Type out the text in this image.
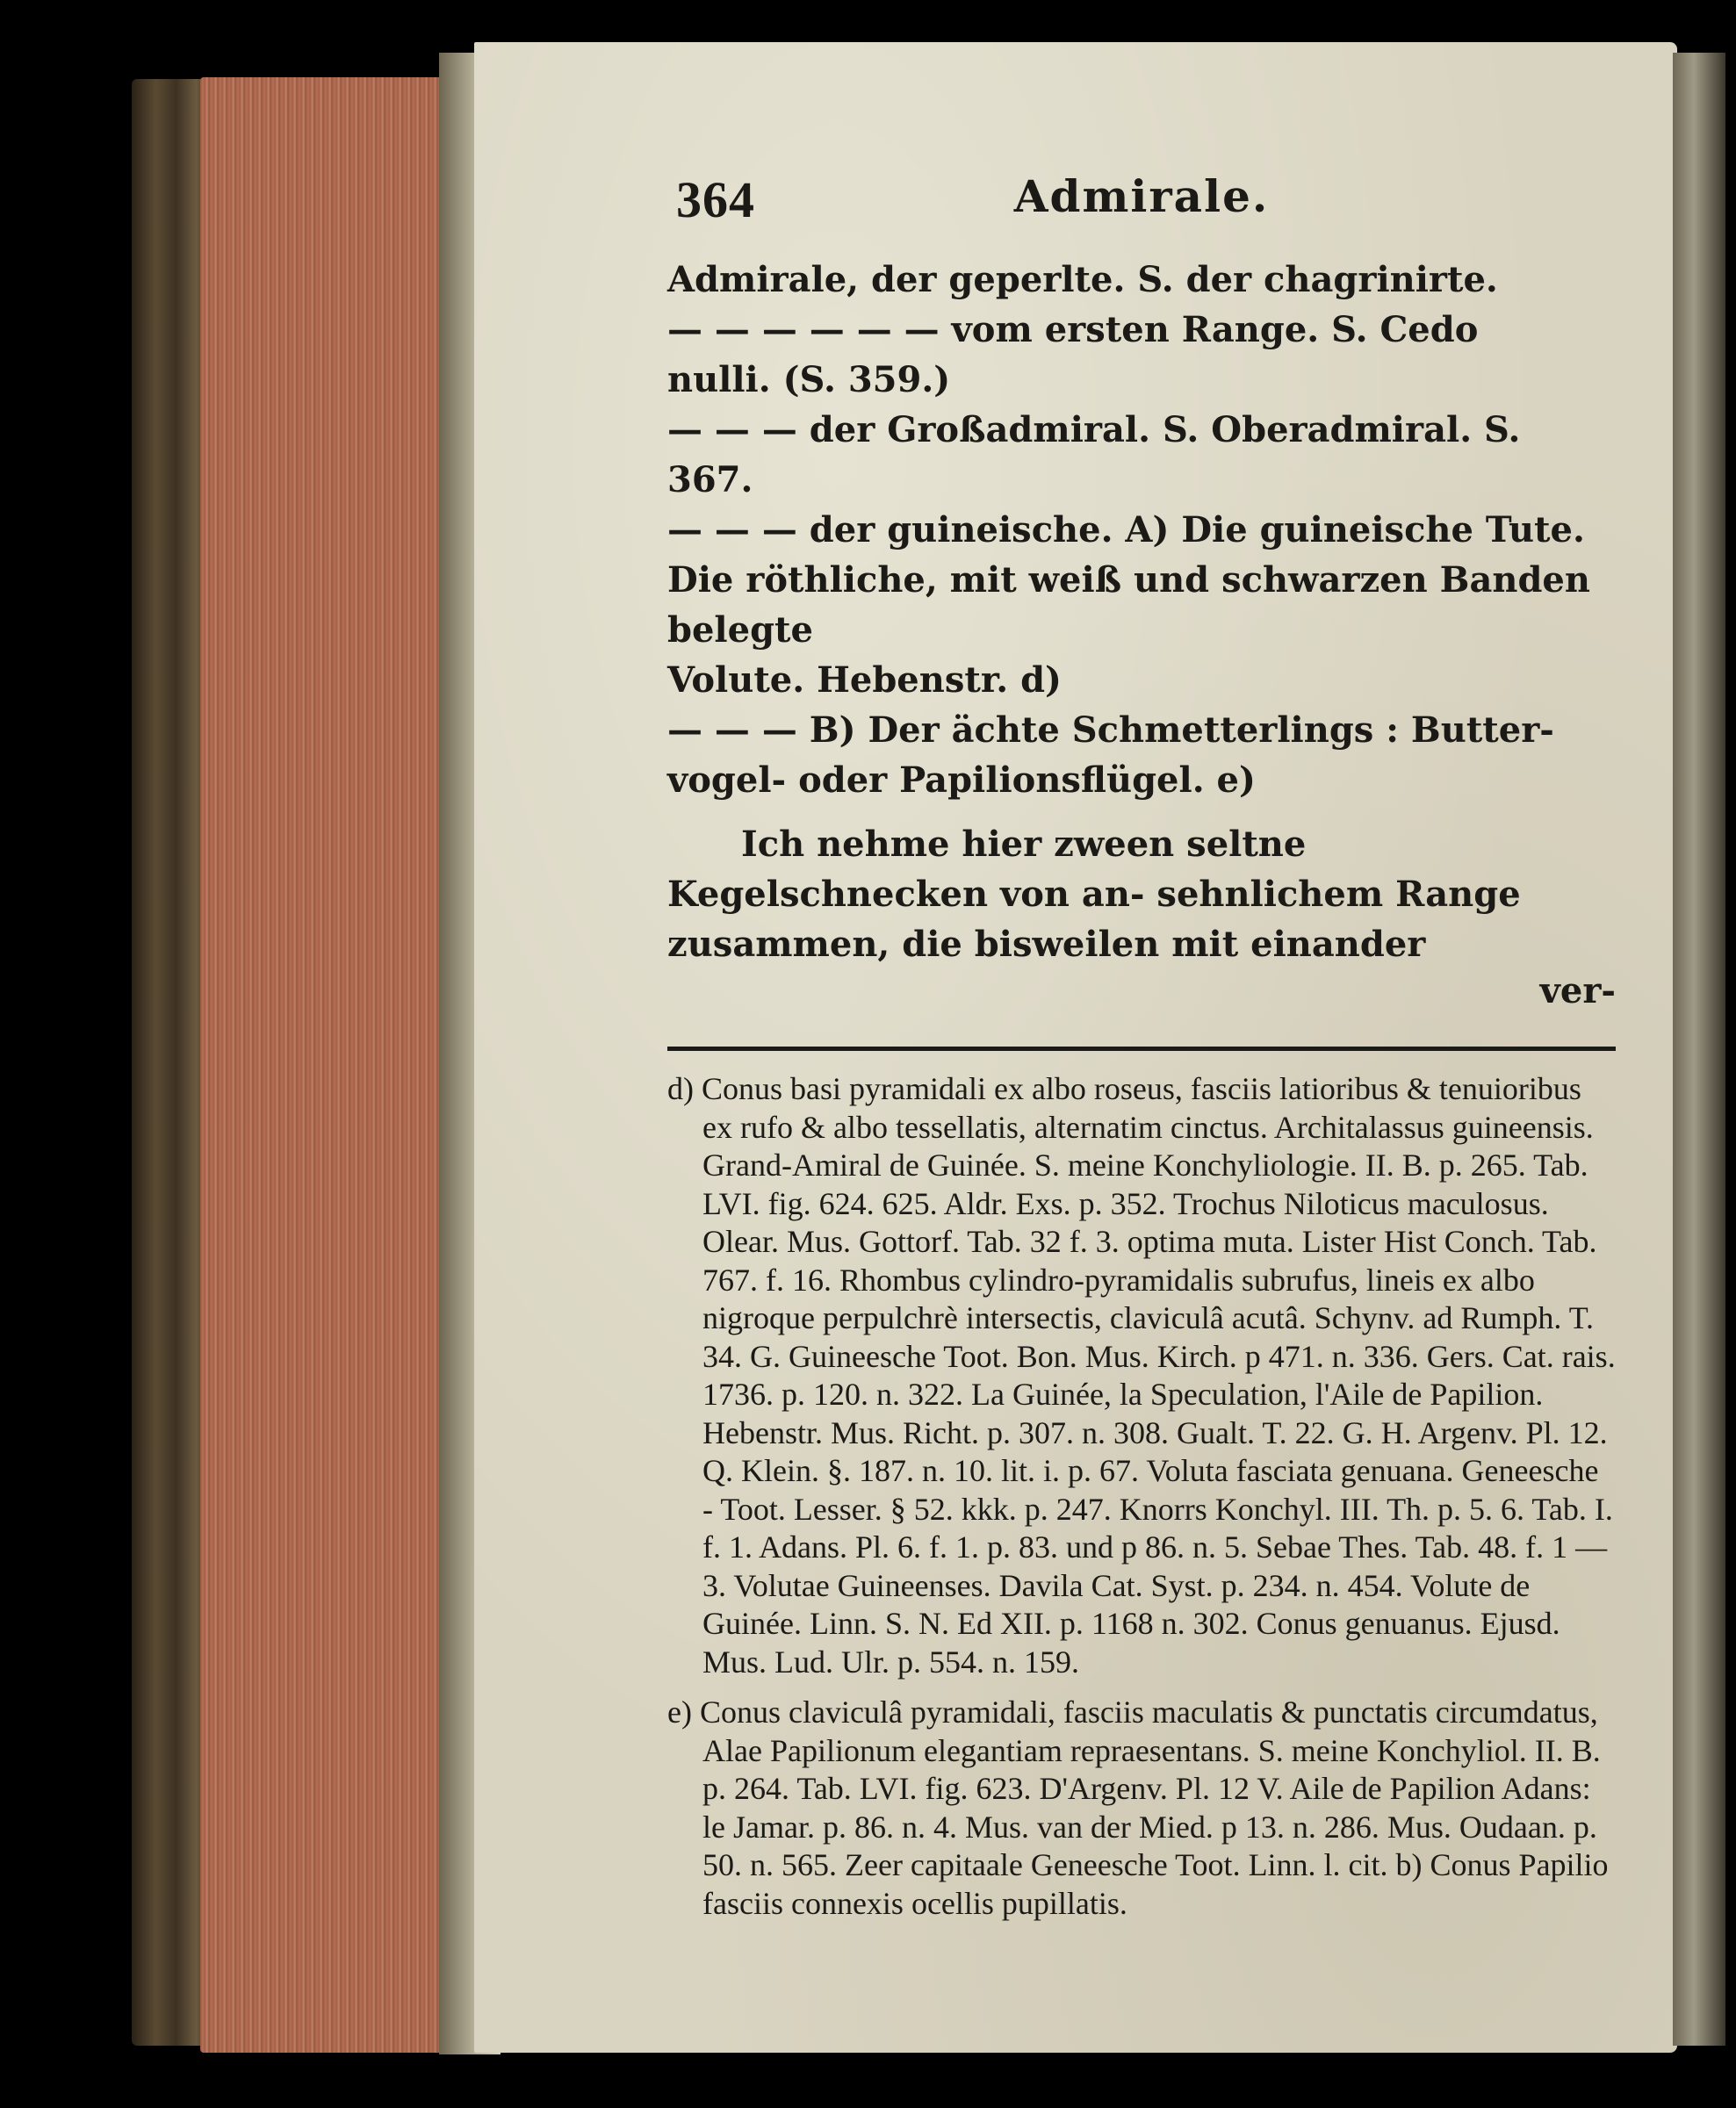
364	Admirale.

Admirale, der geperlte. S. der chagrinirte.

— — — — — — vom ersten Range. S. Cedo

nulli. (S. 359.)

— — — der Großadmiral. S. Oberadmiral. S. 367.

— — — der guineische. A) Die guineische Tute.

Die röthliche, mit weiß und schwarzen Banden belegte

Volute. Hebenstr. d)

— — — B) Der ächte Schmetterlings : Butter-

vogel- oder Papilionsflügel. e)

Ich nehme hier zween seltne Kegelschnecken von an- sehnlichem Range zusammen, die bisweilen mit einander

ver-

d) Conus basi pyramidali ex albo roseus, fasciis latioribus & tenuioribus ex rufo & albo tessellatis, alternatim cinctus. Architalassus guineensis. Grand-Amiral de Guinée. S. meine Konchyliologie. II. B. p. 265. Tab. LVI. fig. 624. 625. Aldr. Exs. p. 352. Trochus Niloticus maculosus. Olear. Mus. Gottorf. Tab. 32 f. 3. optima muta. Lister Hist Conch. Tab. 767. f. 16. Rhombus cylindro-pyramidalis subrufus, lineis ex albo nigroque perpulchrè intersectis, claviculâ acutâ. Schynv. ad Rumph. T. 34. G. Guineesche Toot. Bon. Mus. Kirch. p 471. n. 336. Gers. Cat. rais. 1736. p. 120. n. 322. La Guinée, la Speculation, l'Aile de Papilion. Hebenstr. Mus. Richt. p. 307. n. 308. Gualt. T. 22. G. H. Argenv. Pl. 12. Q. Klein. §. 187. n. 10. lit. i. p. 67. Voluta fasciata genuana. Geneesche - Toot. Lesser. § 52. kkk. p. 247. Knorrs Konchyl. III. Th. p. 5. 6. Tab. I. f. 1. Adans. Pl. 6. f. 1. p. 83. und p 86. n. 5. Sebae Thes. Tab. 48. f. 1 — 3. Volutae Guineenses. Davila Cat. Syst. p. 234. n. 454. Volute de Guinée. Linn. S. N. Ed XII. p. 1168 n. 302. Conus genuanus. Ejusd. Mus. Lud. Ulr. p. 554. n. 159.

e) Conus claviculâ pyramidali, fasciis maculatis & punctatis circumdatus, Alae Papilionum elegantiam repraesentans. S. meine Konchyliol. II. B. p. 264. Tab. LVI. fig. 623. D'Argenv. Pl. 12 V. Aile de Papilion Adans: le Jamar. p. 86. n. 4. Mus. van der Mied. p 13. n. 286. Mus. Oudaan. p. 50. n. 565. Zeer capitaale Geneesche Toot. Linn. l. cit. b) Conus Papilio fasciis connexis ocellis pupillatis.
